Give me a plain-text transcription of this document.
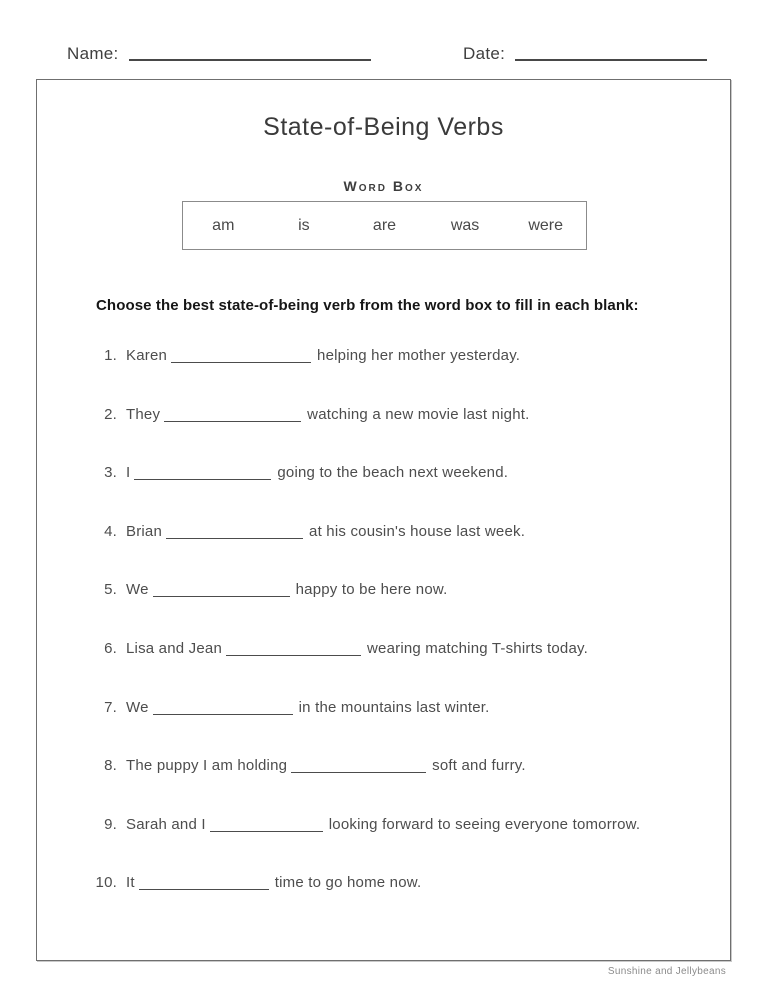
Name:	Date:
State-of-Being Verbs
Word Box
am	is	are	was	were
Choose the best state-of-being verb from the word box to fill in each blank:
1. Karen	helping her mother yesterday.
2. They	watching a new movie last night.
3. I	going to the beach next weekend.
4. Brian	at his cousin's house last week.
5. We	happy to be here now.
6. Lisa and Jean	wearing matching T-shirts today.
7. We	in the mountains last winter.
8. The puppy I am holding	soft and furry.
9. Sarah and I	looking forward to seeing everyone tomorrow.
10. It	time to go home now.
Sunshine and Jellybeans
